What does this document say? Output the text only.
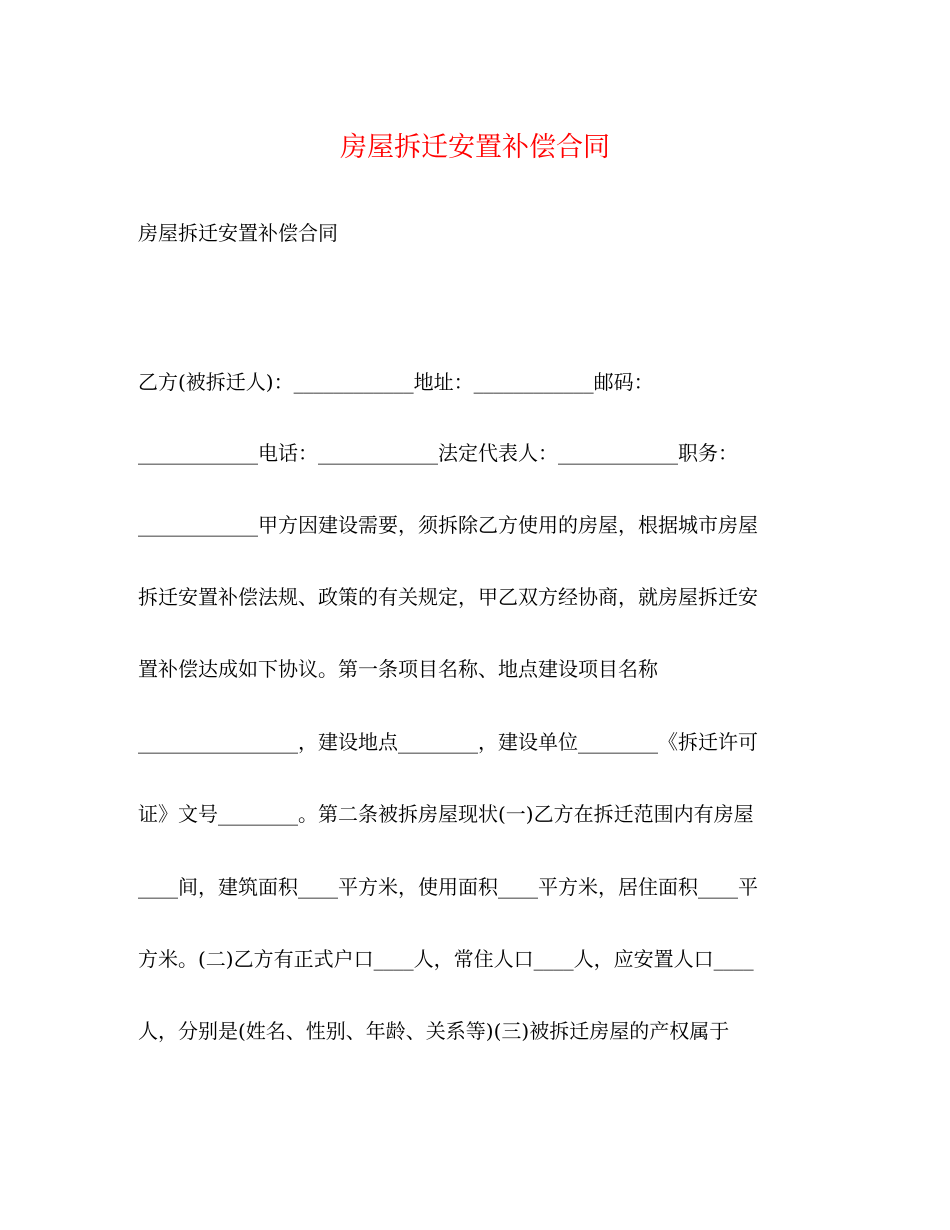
房屋拆迁安置补偿合同

房屋拆迁安置补偿合同

乙方(被拆迁人)：____________地址：____________邮码：

____________电话：____________法定代表人：____________职务：

____________甲方因建设需要，须拆除乙方使用的房屋，根据城市房屋

拆迁安置补偿法规、政策的有关规定，甲乙双方经协商，就房屋拆迁安

置补偿达成如下协议。第一条项目名称、地点建设项目名称

________________，建设地点________，建设单位________《拆迁许可

证》文号________。第二条被拆房屋现状(一)乙方在拆迁范围内有房屋

____间，建筑面积____平方米，使用面积____平方米，居住面积____平

方米。(二)乙方有正式户口____人，常住人口____人，应安置人口____

人，分别是(姓名、性别、年龄、关系等)(三)被拆迁房屋的产权属于
